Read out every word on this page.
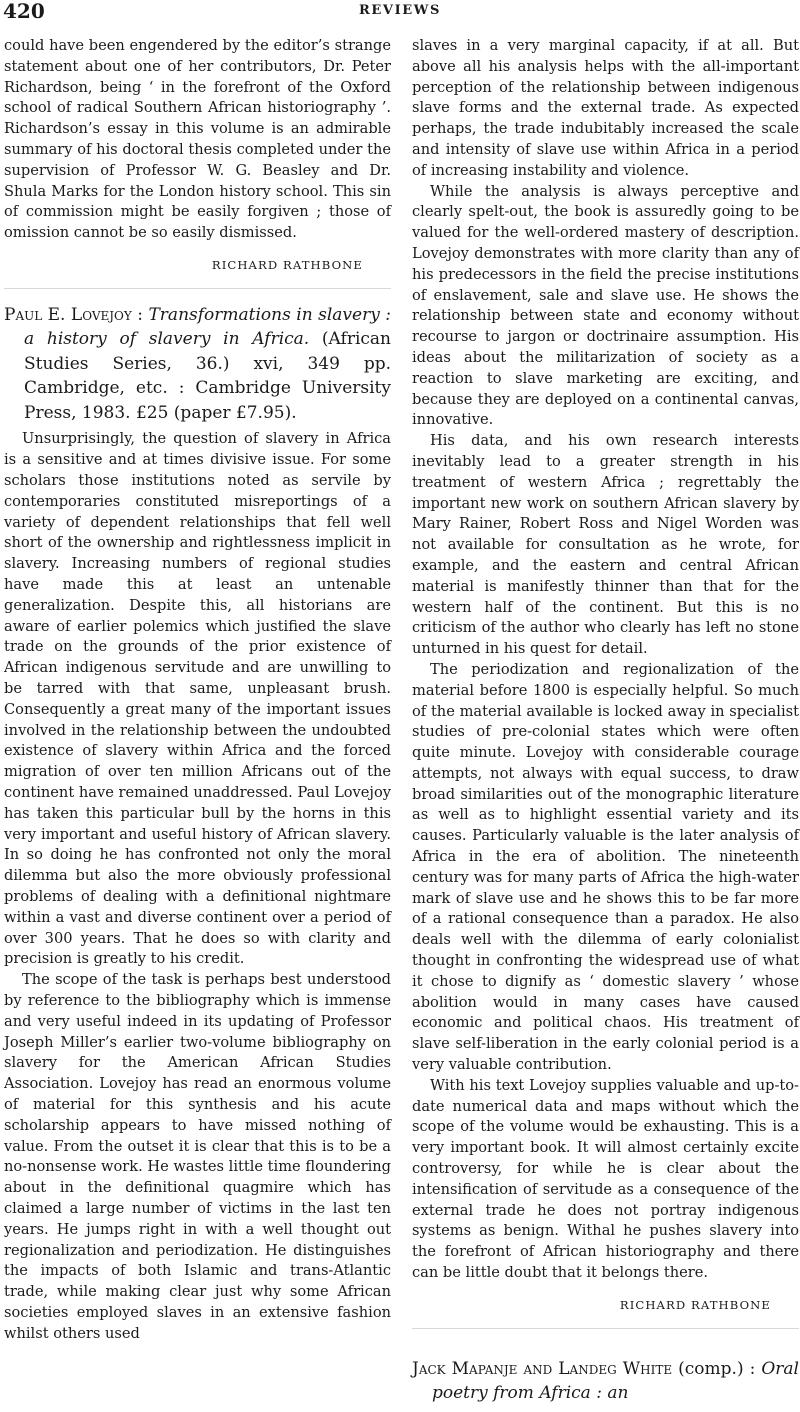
420	REVIEWS

could have been engendered by the editor’s strange statement about one of her contributors, Dr. Peter Richardson, being ‘ in the forefront of the Oxford school of radical Southern African historiography ’. Richardson’s essay in this volume is an admirable summary of his doctoral thesis completed under the supervision of Professor W. G. Beasley and Dr. Shula Marks for the London history school. This sin of commission might be easily forgiven ; those of omission cannot be so easily dismissed.

RICHARD RATHBONE
Paul E. Lovejoy : Transformations in slavery : a history of slavery in Africa. (African Studies Series, 36.) xvi, 349 pp. Cambridge, etc. : Cambridge University Press, 1983. £25 (paper £7.95).

Unsurprisingly, the question of slavery in Africa is a sensitive and at times divisive issue. For some scholars those institutions noted as servile by contemporaries constituted misreportings of a variety of dependent relationships that fell well short of the ownership and rightlessness implicit in slavery. Increasing numbers of regional studies have made this at least an untenable generalization. Despite this, all historians are aware of earlier polemics which justified the slave trade on the grounds of the prior existence of African indigenous servitude and are unwilling to be tarred with that same, unpleasant brush. Consequently a great many of the important issues involved in the relationship between the undoubted existence of slavery within Africa and the forced migration of over ten million Africans out of the continent have remained unaddressed. Paul Lovejoy has taken this particular bull by the horns in this very important and useful history of African slavery. In so doing he has confronted not only the moral dilemma but also the more obviously professional problems of dealing with a definitional nightmare within a vast and diverse continent over a period of over 300 years. That he does so with clarity and precision is greatly to his credit.

The scope of the task is perhaps best understood by reference to the bibliography which is immense and very useful indeed in its updating of Professor Joseph Miller’s earlier two-volume bibliography on slavery for the American African Studies Association. Lovejoy has read an enormous volume of material for this synthesis and his acute scholarship appears to have missed nothing of value. From the outset it is clear that this is to be a no-nonsense work. He wastes little time floundering about in the definitional quagmire which has claimed a large number of victims in the last ten years. He jumps right in with a well thought out regionalization and periodization. He distinguishes the impacts of both Islamic and trans-Atlantic trade, while making clear just why some African societies employed slaves in an extensive fashion whilst others used

slaves in a very marginal capacity, if at all. But above all his analysis helps with the all-important perception of the relationship between indigenous slave forms and the external trade. As expected perhaps, the trade indubitably increased the scale and intensity of slave use within Africa in a period of increasing instability and violence.

While the analysis is always perceptive and clearly spelt-out, the book is assuredly going to be valued for the well-ordered mastery of description. Lovejoy demonstrates with more clarity than any of his predecessors in the field the precise institutions of enslavement, sale and slave use. He shows the relationship between state and economy without recourse to jargon or doctrinaire assumption. His ideas about the militarization of society as a reaction to slave marketing are exciting, and because they are deployed on a continental canvas, innovative.

His data, and his own research interests inevitably lead to a greater strength in his treatment of western Africa ; regrettably the important new work on southern African slavery by Mary Rainer, Robert Ross and Nigel Worden was not available for consultation as he wrote, for example, and the eastern and central African material is manifestly thinner than that for the western half of the continent. But this is no criticism of the author who clearly has left no stone unturned in his quest for detail.

The periodization and regionalization of the material before 1800 is especially helpful. So much of the material available is locked away in specialist studies of pre-colonial states which were often quite minute. Lovejoy with considerable courage attempts, not always with equal success, to draw broad similarities out of the monographic literature as well as to highlight essential variety and its causes. Particularly valuable is the later analysis of Africa in the era of abolition. The nineteenth century was for many parts of Africa the high-water mark of slave use and he shows this to be far more of a rational consequence than a paradox. He also deals well with the dilemma of early colonialist thought in confronting the widespread use of what it chose to dignify as ‘ domestic slavery ’ whose abolition would in many cases have caused economic and political chaos. His treatment of slave self-liberation in the early colonial period is a very valuable contribution.

With his text Lovejoy supplies valuable and up-to-date numerical data and maps without which the scope of the volume would be exhausting. This is a very important book. It will almost certainly excite controversy, for while he is clear about the intensification of servitude as a consequence of the external trade he does not portray indigenous systems as benign. Withal he pushes slavery into the forefront of African historiography and there can be little doubt that it belongs there.

RICHARD RATHBONE
Jack Mapanje and Landeg White (comp.) : Oral poetry from Africa : an
